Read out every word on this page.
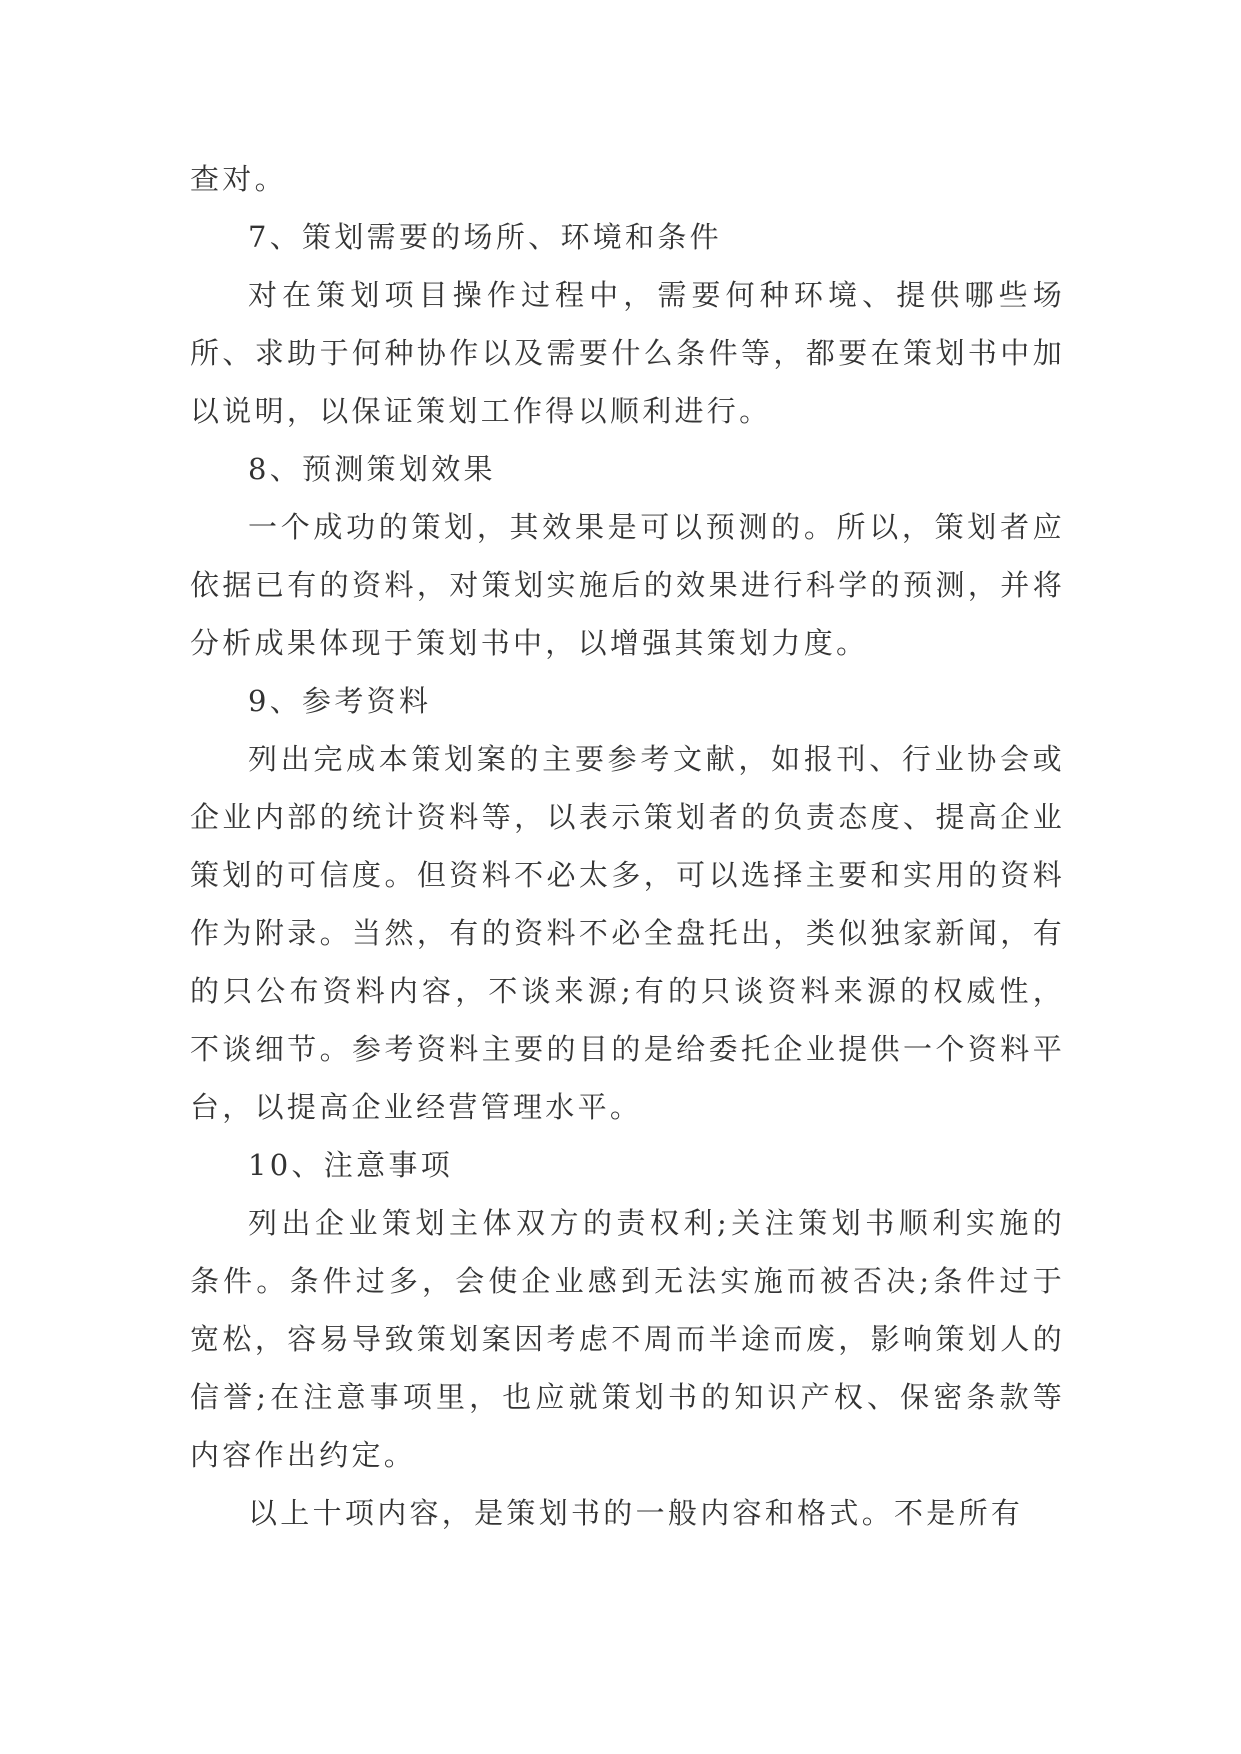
查对。

7、策划需要的场所、环境和条件

对在策划项目操作过程中，需要何种环境、提供哪些场所、求助于何种协作以及需要什么条件等，都要在策划书中加以说明，以保证策划工作得以顺利进行。

8、预测策划效果

一个成功的策划，其效果是可以预测的。所以，策划者应依据已有的资料，对策划实施后的效果进行科学的预测，并将分析成果体现于策划书中，以增强其策划力度。

9、参考资料

列出完成本策划案的主要参考文献，如报刊、行业协会或企业内部的统计资料等，以表示策划者的负责态度、提高企业策划的可信度。但资料不必太多，可以选择主要和实用的资料作为附录。当然，有的资料不必全盘托出，类似独家新闻，有的只公布资料内容，不谈来源;有的只谈资料来源的权威性，不谈细节。参考资料主要的目的是给委托企业提供一个资料平台，以提高企业经营管理水平。

10、注意事项

列出企业策划主体双方的责权利;关注策划书顺利实施的条件。条件过多，会使企业感到无法实施而被否决;条件过于宽松，容易导致策划案因考虑不周而半途而废，影响策划人的信誉;在注意事项里，也应就策划书的知识产权、保密条款等内容作出约定。

以上十项内容，是策划书的一般内容和格式。不是所有
